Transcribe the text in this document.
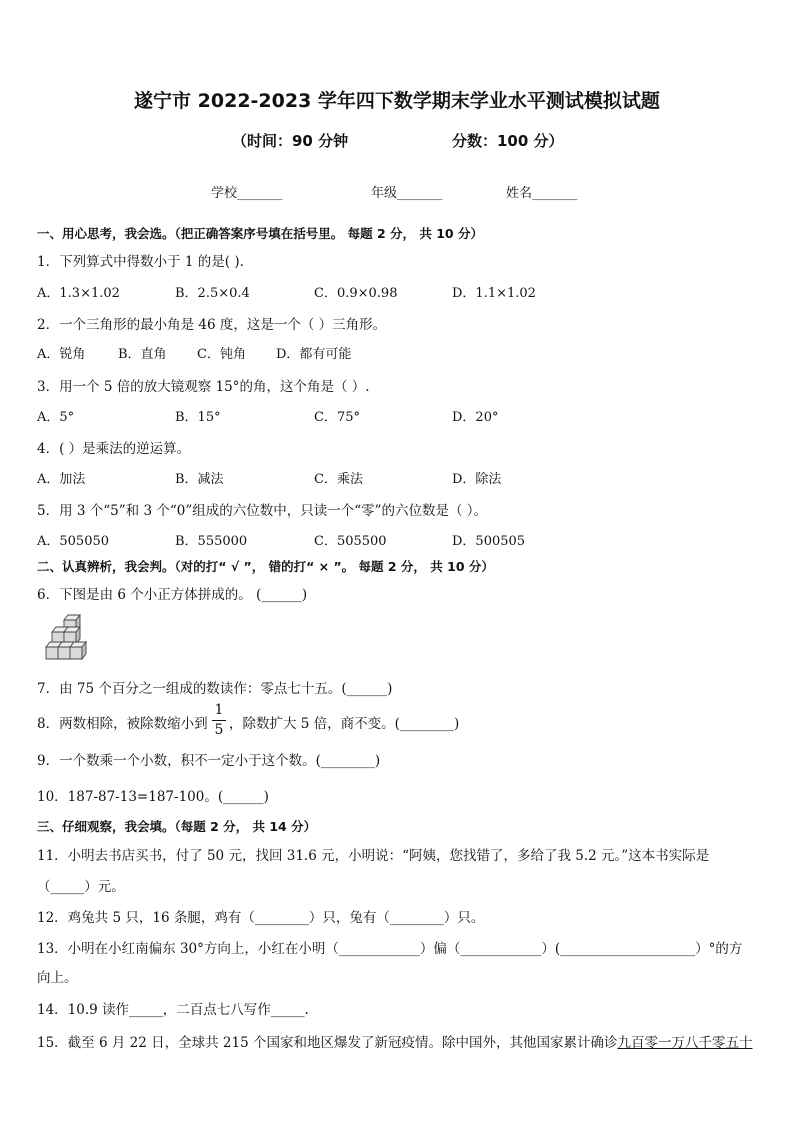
遂宁市 2022-2023 学年四下数学期末学业水平测试模拟试题
（时间：90 分钟	分数：100 分）
学校_______	年级_______	姓名_______
一、用心思考，我会选。（把正确答案序号填在括号里。 每题 2 分， 共 10 分）
1．下列算式中得数小于 1 的是( ).
A．1.3×1.02	B．2.5×0.4	C．0.9×0.98	D．1.1×1.02
2．一个三角形的最小角是 46 度，这是一个（ ）三角形。
A．锐角	B．直角 C．钝角 D．都有可能
3．用一个 5 倍的放大镜观察 15°的角，这个角是（ ）.
A．5°	B．15°	C．75°	D．20°
4．( ）是乘法的逆运算。
A．加法	B．减法	C．乘法	D．除法
5．用 3 个“5”和 3 个“0”组成的六位数中，只读一个“零”的六位数是（ ）。
A．505050	B．555000	C．505500	D．500505
二、认真辨析，我会判。（对的打“ √ ”， 错的打“ × ”。 每题 2 分， 共 10 分）
6．下图是由 6 个小正方体拼成的。 (______)
7．由 75 个百分之一组成的数读作：零点七十五。(______)
8．两数相除，被除数缩小到
1
5 ，除数扩大 5 倍，商不变。(________)
9．一个数乘一个小数，积不一定小于这个数。(________)
10．187-87-13=187-100。(______)
三、仔细观察，我会填。（每题 2 分， 共 14 分）
11．小明去书店买书，付了 50 元，找回 31.6 元，小明说：“阿姨，您找错了，多给了我 5.2 元。”这本书实际是
（_____）元。
12．鸡兔共 5 只，16 条腿，鸡有（________）只，兔有（________）只。
13．小明在小红南偏东 30°方向上，小红在小明（____________）偏（____________）(____________________）°的方
向上。
14．10.9 读作_____，二百点七八写作_____.
15．截至 6 月 22 日，全球共 215 个国家和地区爆发了新冠疫情。除中国外，其他国家累计确诊九百零一万八千零五十
